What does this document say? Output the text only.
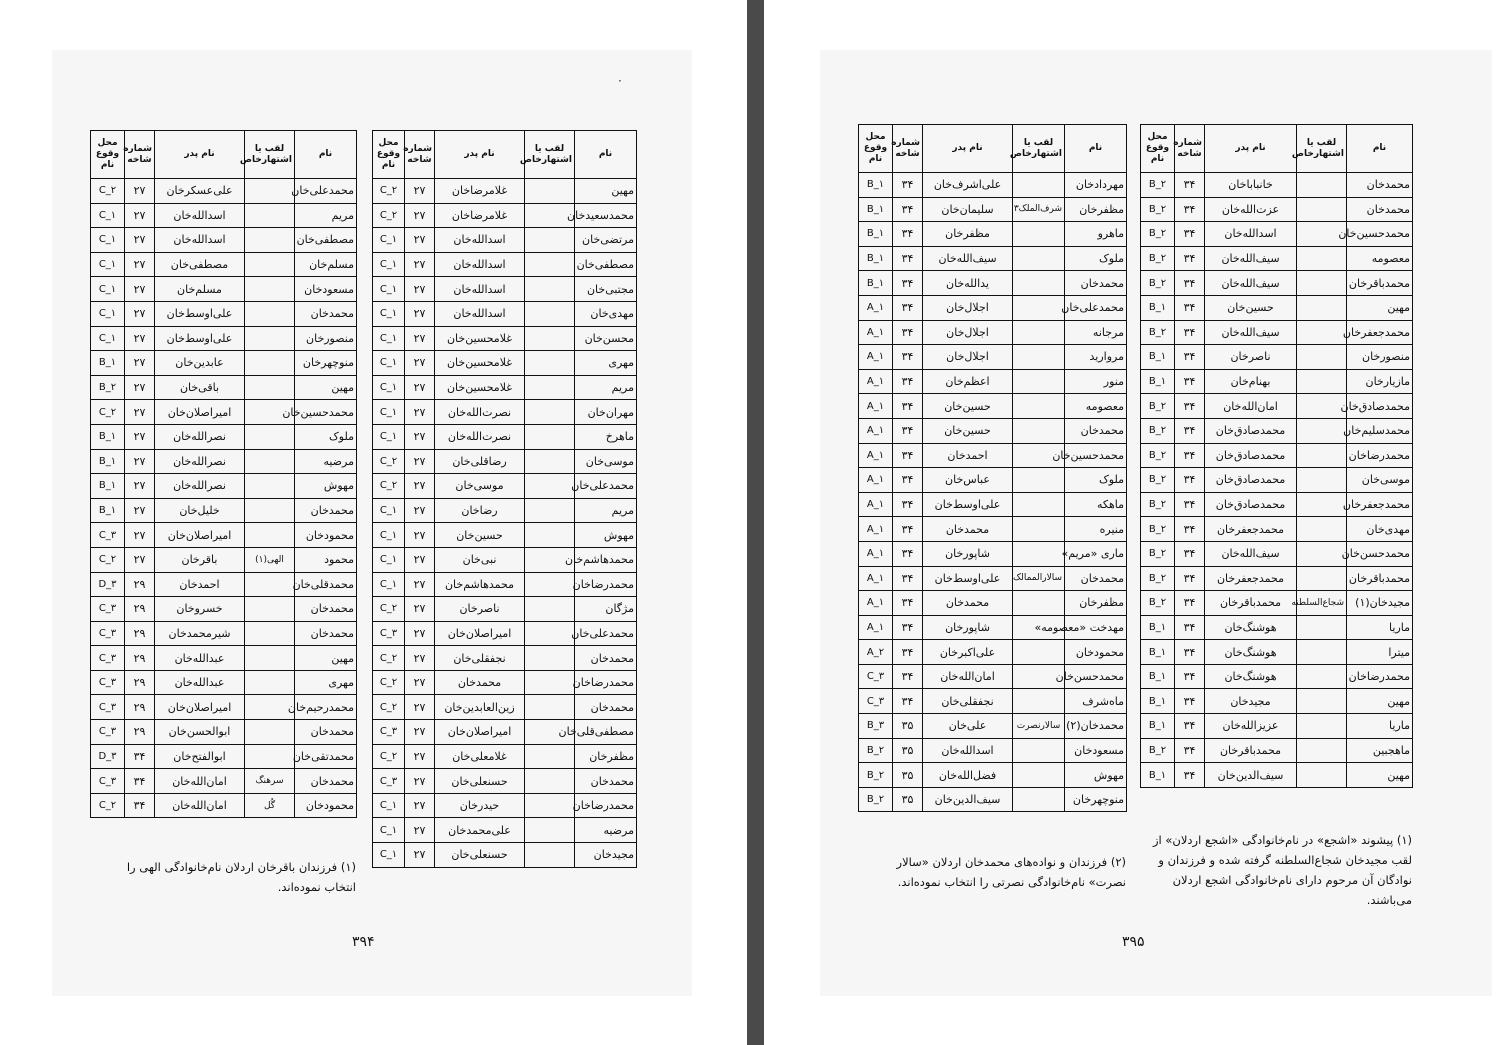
·
نام	لقب یا اشتهارخاص	نام پدر	شماره شاخه	محل وقوع نام
مهین		غلامرضاخان	۲۷	۲_C
محمدسعیدخان		غلامرضاخان	۲۷	۲_C
مرتضی‌خان		اسدالله‌خان	۲۷	۱_C
مصطفی‌خان		اسدالله‌خان	۲۷	۱_C
مجتبی‌خان		اسدالله‌خان	۲۷	۱_C
مهدی‌خان		اسدالله‌خان	۲۷	۱_C
محسن‌خان		غلامحسین‌خان	۲۷	۱_C
مهری		غلامحسین‌خان	۲۷	۱_C
مریم		غلامحسین‌خان	۲۷	۱_C
مهران‌خان		نصرت‌الله‌خان	۲۷	۱_C
ماهرخ		نصرت‌الله‌خان	۲۷	۱_C
موسی‌خان		رضاقلی‌خان	۲۷	۲_C
محمدعلی‌خان		موسی‌خان	۲۷	۲_C
مریم		رضاخان	۲۷	۱_C
مهوش		حسین‌خان	۲۷	۱_C
محمدهاشم‌خان		نبی‌خان	۲۷	۱_C
محمدرضاخان		محمدهاشم‌خان	۲۷	۱_C
مژگان		ناصرخان	۲۷	۲_C
محمدعلی‌خان		امیراصلان‌خان	۲۷	۳_C
محمدخان		نجفقلی‌خان	۲۷	۲_C
محمدرضاخان		محمدخان	۲۷	۲_C
محمدخان		زین‌العابدین‌خان	۲۷	۲_C
مصطفی‌قلی‌خان		امیراصلان‌خان	۲۷	۳_C
مظفرخان		غلامعلی‌خان	۲۷	۲_C
محمدخان		حسنعلی‌خان	۲۷	۳_C
محمدرضاخان		حیدرخان	۲۷	۱_C
مرضیه		علی‌محمدخان	۲۷	۱_C
مجیدخان		حسنعلی‌خان	۲۷	۱_C
نام	لقب یا اشتهارخاص	نام پدر	شماره شاخه	محل وقوع نام
محمدعلی‌خان		علی‌عسکرخان	۲۷	۲_C
مریم		اسدالله‌خان	۲۷	۱_C
مصطفی‌خان		اسدالله‌خان	۲۷	۱_C
مسلم‌خان		مصطفی‌خان	۲۷	۱_C
مسعودخان		مسلم‌خان	۲۷	۱_C
محمدخان		علی‌اوسط‌خان	۲۷	۱_C
منصورخان		علی‌اوسط‌خان	۲۷	۱_C
منوچهرخان		عابدین‌خان	۲۷	۱_B
مهین		باقی‌خان	۲۷	۲_B
محمدحسین‌خان		امیراصلان‌خان	۲۷	۲_C
ملوک		نصرالله‌خان	۲۷	۱_B
مرضیه		نصرالله‌خان	۲۷	۱_B
مهوش		نصرالله‌خان	۲۷	۱_B
محمدخان		خلیل‌خان	۲۷	۱_B
محمودخان		امیراصلان‌خان	۲۷	۳_C
محمود	الهی(۱)	باقرخان	۲۷	۲_C
محمدقلی‌خان		احمدخان	۲۹	۳_D
محمدخان		خسروخان	۲۹	۳_C
محمدخان		شیرمحمدخان	۲۹	۳_C
مهین		عبدالله‌خان	۲۹	۳_C
مهری		عبدالله‌خان	۲۹	۳_C
محمدرحیم‌خان		امیراصلان‌خان	۲۹	۳_C
محمدخان		ابوالحسن‌خان	۲۹	۳_C
محمدتقی‌خان		ابوالفتح‌خان	۳۴	۳_D
محمدخان	سرهنگ	امان‌الله‌خان	۳۴	۳_C
محمودخان	گُل	امان‌الله‌خان	۳۴	۲_C
(۱) فرزندان باقرخان اردلان نام‌خانوادگی الهی را انتخاب نموده‌اند.
۳۹۴
نام	لقب یا اشتهارخاص	نام پدر	شماره شاخه	محل وقوع نام
محمدخان		خانباباخان	۳۴	۲_B
محمدخان		عزت‌الله‌خان	۳۴	۲_B
محمدحسین‌خان		اسدالله‌خان	۳۴	۲_B
معصومه		سیف‌الله‌خان	۳۴	۲_B
محمدباقرخان		سیف‌الله‌خان	۳۴	۲_B
مهین		حسین‌خان	۳۴	۱_B
محمدجعفرخان		سیف‌الله‌خان	۳۴	۲_B
منصورخان		ناصرخان	۳۴	۱_B
مازیارخان		بهنام‌خان	۳۴	۱_B
محمدصادق‌خان		امان‌الله‌خان	۳۴	۲_B
محمدسلیم‌خان		محمدصادق‌خان	۳۴	۲_B
محمدرضاخان		محمدصادق‌خان	۳۴	۲_B
موسی‌خان		محمدصادق‌خان	۳۴	۲_B
محمدجعفرخان		محمدصادق‌خان	۳۴	۲_B
مهدی‌خان		محمدجعفرخان	۳۴	۲_B
محمدحسن‌خان		سیف‌الله‌خان	۳۴	۲_B
محمدباقرخان		محمدجعفرخان	۳۴	۲_B
مجیدخان(۱)	شجاع‌السلطنه	محمدباقرخان	۳۴	۲_B
ماریا		هوشنگ‌خان	۳۴	۱_B
میترا		هوشنگ‌خان	۳۴	۱_B
محمدرضاخان		هوشنگ‌خان	۳۴	۱_B
مهین		مجیدخان	۳۴	۱_B
ماریا		عزیزالله‌خان	۳۴	۱_B
ماهجبین		محمدباقرخان	۳۴	۲_B
مهین		سیف‌الدین‌خان	۳۴	۱_B
نام	لقب یا اشتهارخاص	نام پدر	شماره شاخه	محل وقوع نام
مهردادخان		علی‌اشرف‌خان	۳۴	۱_B
مظفرخان	شرف‌الملک۳	سلیمان‌خان	۳۴	۱_B
ماهرو		مظفرخان	۳۴	۱_B
ملوک		سیف‌الله‌خان	۳۴	۱_B
محمدخان		یدالله‌خان	۳۴	۱_B
محمدعلی‌خان		اجلال‌خان	۳۴	۱_A
مرجانه		اجلال‌خان	۳۴	۱_A
مروارید		اجلال‌خان	۳۴	۱_A
منور		اعظم‌خان	۳۴	۱_A
معصومه		حسین‌خان	۳۴	۱_A
محمدخان		حسین‌خان	۳۴	۱_A
محمدحسین‌خان		احمدخان	۳۴	۱_A
ملوک		عباس‌خان	۳۴	۱_A
ماهکه		علی‌اوسط‌خان	۳۴	۱_A
منیره		محمدخان	۳۴	۱_A
ماری «مریم»		شاپورخان	۳۴	۱_A
محمدخان	سالارالممالک	علی‌اوسط‌خان	۳۴	۱_A
مظفرخان		محمدخان	۳۴	۱_A
مهدخت «معصومه»		شاپورخان	۳۴	۱_A
محمودخان		علی‌اکبرخان	۳۴	۲_A
محمدحسن‌خان		امان‌الله‌خان	۳۴	۳_C
ماه‌شرف		نجفقلی‌خان	۳۴	۳_C
محمدخان(۲)	سالارنصرت	علی‌خان	۳۵	۳_B
مسعودخان		اسدالله‌خان	۳۵	۲_B
مهوش		فضل‌الله‌خان	۳۵	۲_B
منوچهرخان		سیف‌الدین‌خان	۳۵	۲_B
(۱) پیشوند «اشجع» در نام‌خانوادگی «اشجع اردلان» از لقب مجیدخان شجاع‌السلطنه گرفته شده و فرزندان و نوادگان آن مرحوم دارای نام‌خانوادگی اشجع اردلان می‌باشند.
(۲) فرزندان و نواده‌های محمدخان اردلان «سالار نصرت» نام‌خانوادگی نصرتی را انتخاب نموده‌اند.
۳۹۵
